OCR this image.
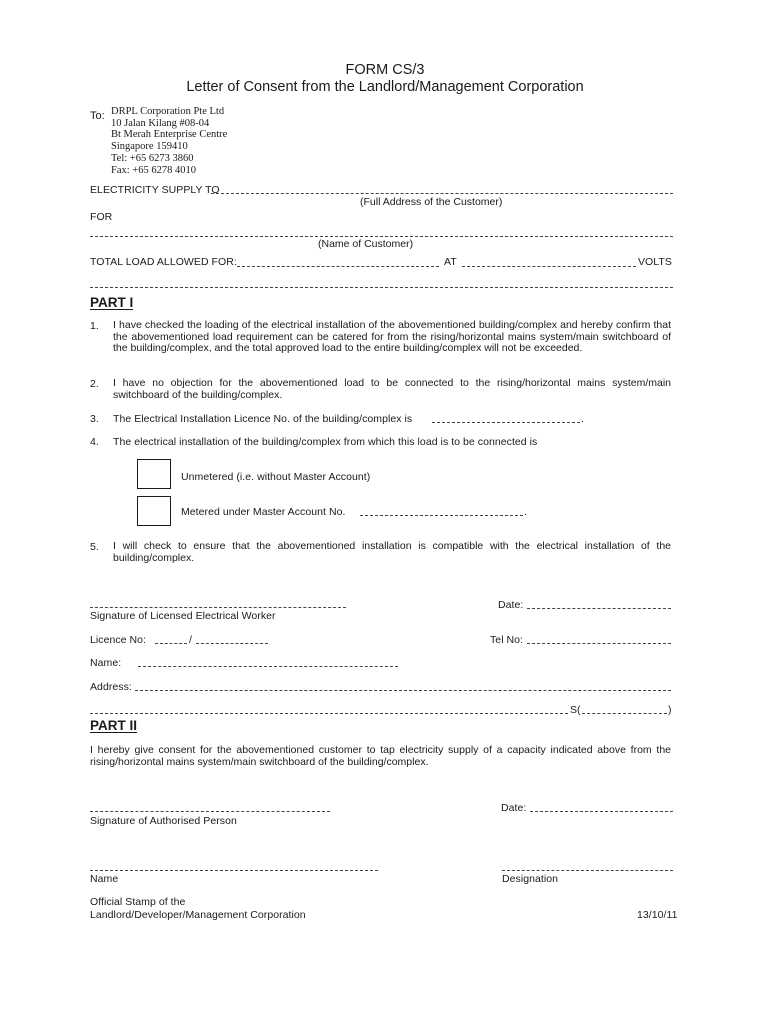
FORM CS/3
Letter of Consent from the Landlord/Management Corporation
To: DRPL Corporation Pte Ltd
10 Jalan Kilang #08-04
Bt Merah Enterprise Centre
Singapore 159410
Tel: +65 6273 3860
Fax: +65 6278 4010
ELECTRICITY SUPPLY TO
(Full Address of the Customer)
FOR
(Name of Customer)
TOTAL LOAD ALLOWED FOR:	AT	VOLTS
PART I
1. I have checked the loading of the electrical installation of the abovementioned building/complex and hereby confirm that the abovementioned load requirement can be catered for from the rising/horizontal mains system/main switchboard of the building/complex, and the total approved load to the entire building/complex will not be exceeded.
2. I have no objection for the abovementioned load to be connected to the rising/horizontal mains system/main switchboard of the building/complex.
3. The Electrical Installation Licence No. of the building/complex is	.
4. The electrical installation of the building/complex from which this load is to be connected is
Unmetered (i.e. without Master Account)
Metered under Master Account No.	.
5. I will check to ensure that the abovementioned installation is compatible with the electrical installation of the building/complex.
Signature of Licensed Electrical Worker
Date:
Licence No:	/	Tel No:
Name:
Address:
S(	)
PART II
I hereby give consent for the abovementioned customer to tap electricity supply of a capacity indicated above from the rising/horizontal mains system/main switchboard of the building/complex.
Signature of Authorised Person
Date:
Name	Designation
Official Stamp of the
Landlord/Developer/Management Corporation	13/10/11
